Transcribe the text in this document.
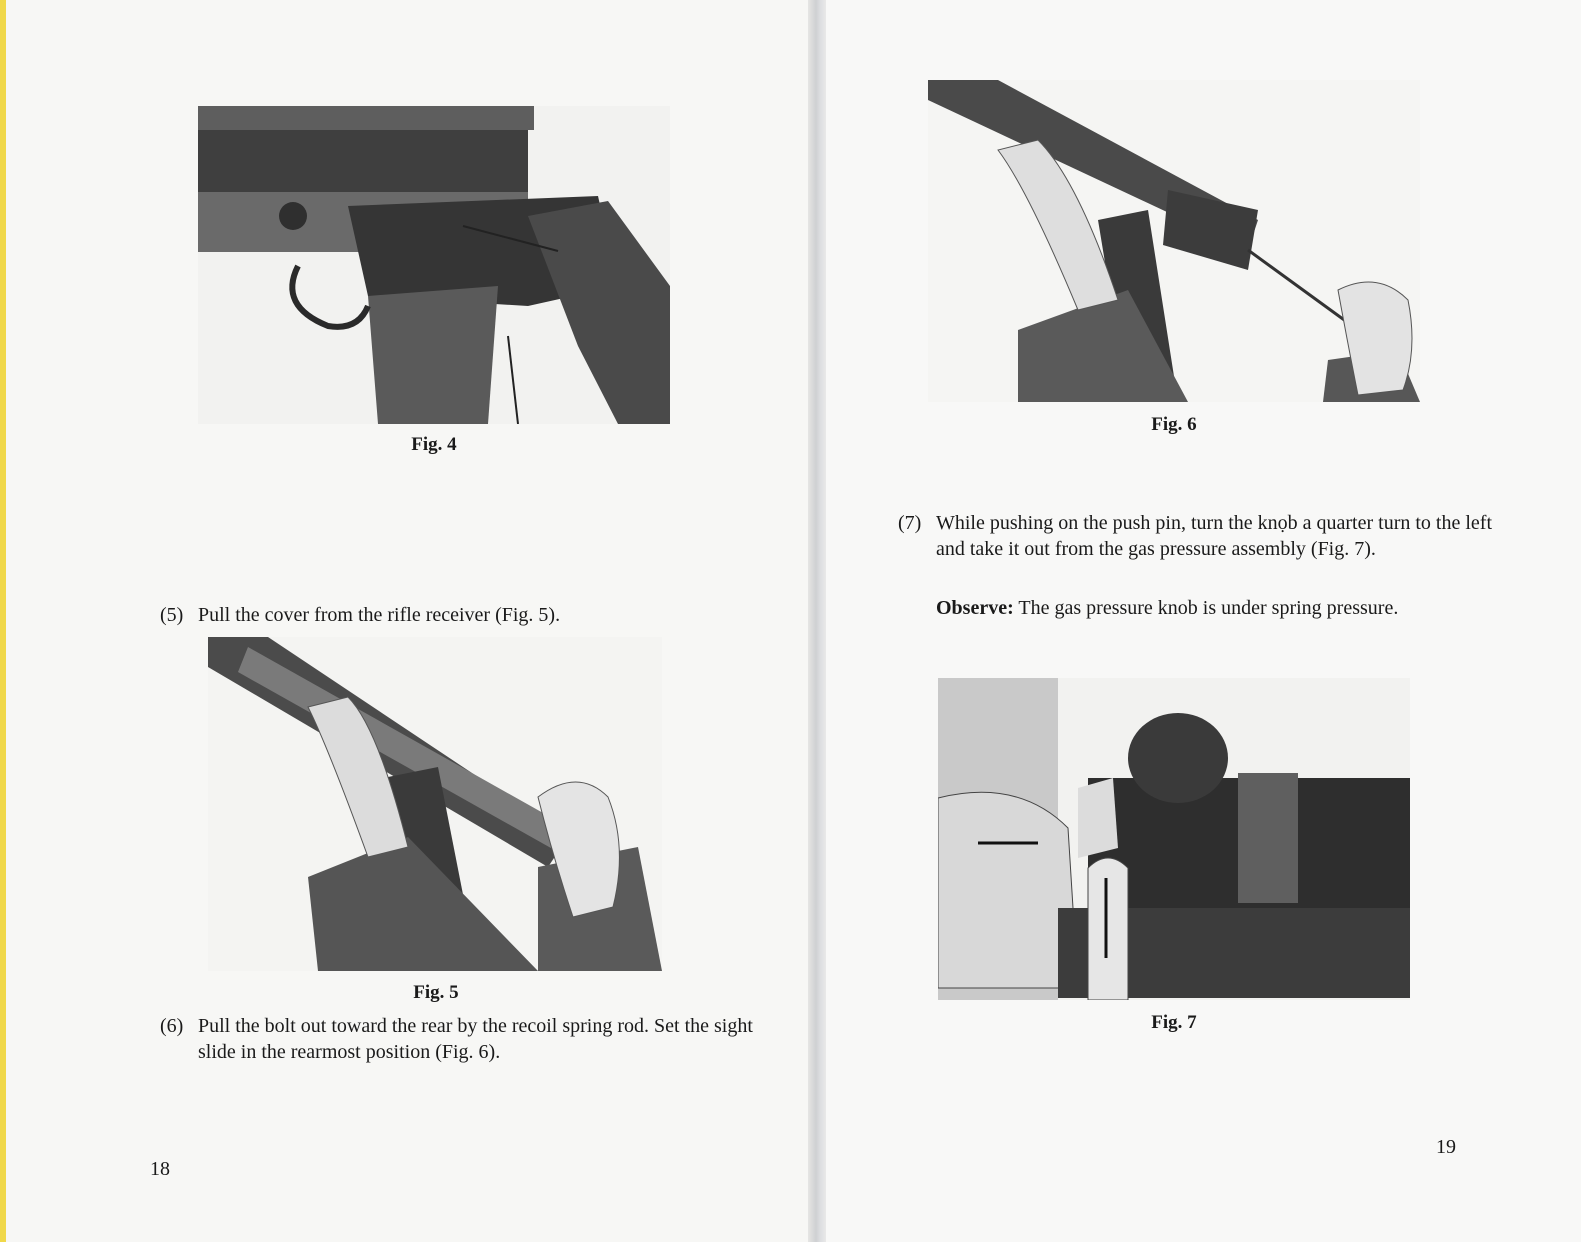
Fig. 4
(5) Pull the cover from the rifle receiver (Fig. 5).
Fig. 5
(6) Pull the bolt out toward the rear by the recoil spring rod. Set the sight slide in the rearmost position (Fig. 6).
18
Fig. 6
(7) While pushing on the push pin, turn the knọb a quarter turn to the left and take it out from the gas pressure assembly (Fig. 7).
Observe: The gas pressure knob is under spring pressure.
Fig. 7
19
